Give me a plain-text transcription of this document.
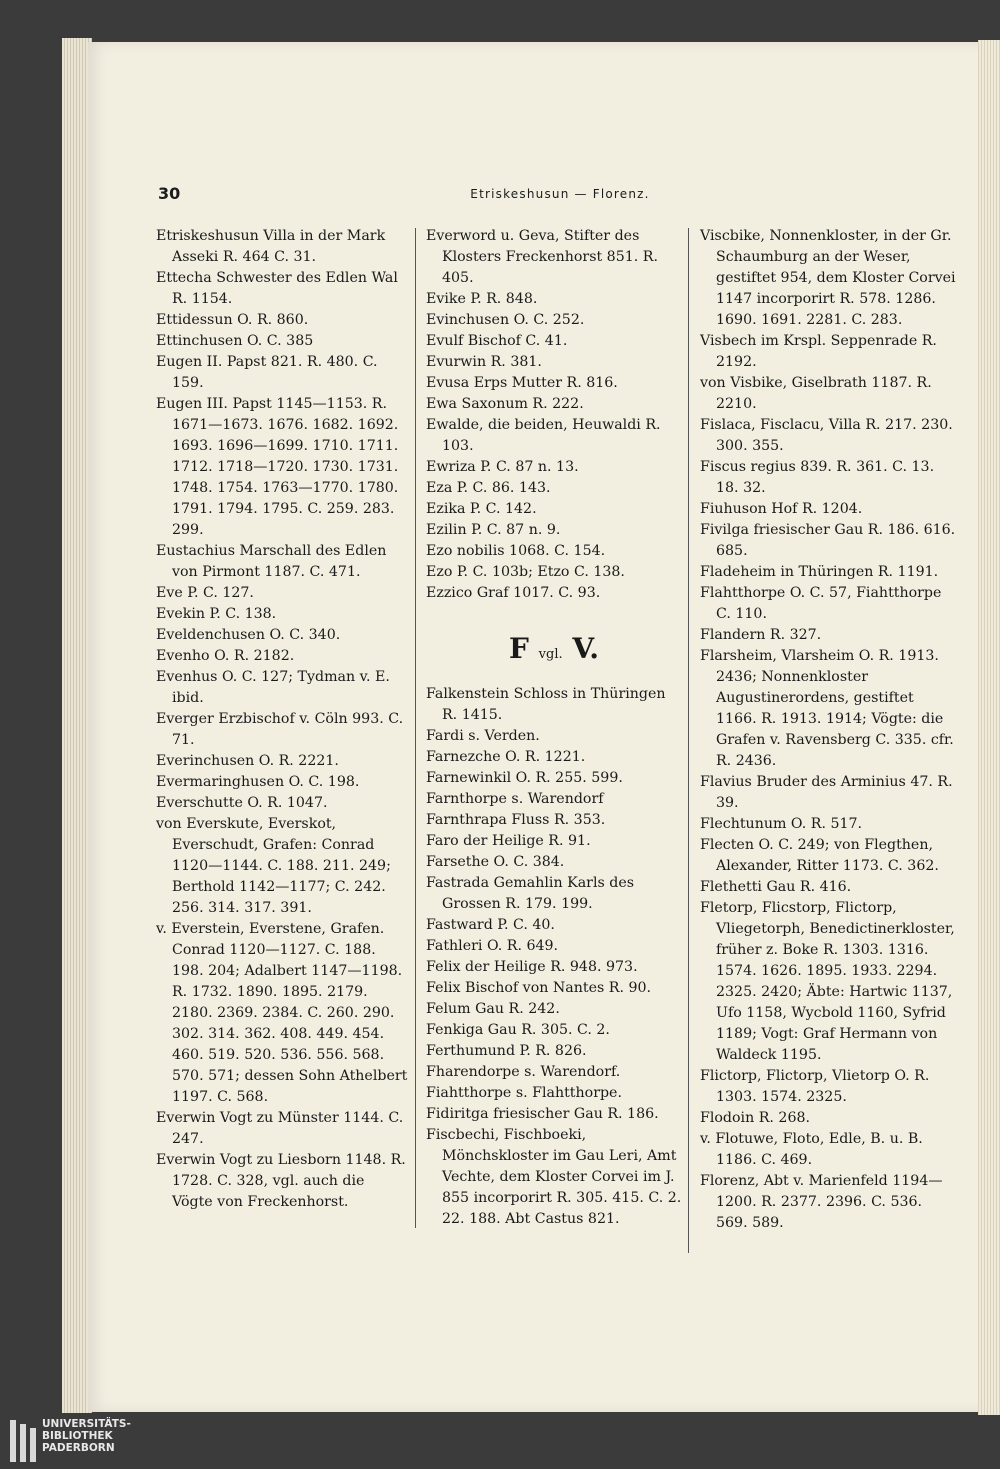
30	Etriskeshusun — Florenz.

Etriskeshusun Villa in der Mark Asseki R. 464 C. 31.

Ettecha Schwester des Edlen Wal R. 1154.

Ettidessun O. R. 860.

Ettinchusen O. C. 385

Eugen II. Papst 821. R. 480. C. 159.

Eugen III. Papst 1145—1153. R. 1671—1673. 1676. 1682. 1692. 1693. 1696—1699. 1710. 1711. 1712. 1718—1720. 1730. 1731. 1748. 1754. 1763—1770. 1780. 1791. 1794. 1795. C. 259. 283. 299.

Eustachius Marschall des Edlen von Pirmont 1187. C. 471.

Eve P. C. 127.

Evekin P. C. 138.

Eveldenchusen O. C. 340.

Evenho O. R. 2182.

Evenhus O. C. 127; Tydman v. E. ibid.

Everger Erzbischof v. Cöln 993. C. 71.

Everinchusen O. R. 2221.

Evermaringhusen O. C. 198.

Everschutte O. R. 1047.

von Everskute, Everskot, Everschudt, Grafen: Conrad 1120—1144. C. 188. 211. 249; Berthold 1142—1177; C. 242. 256. 314. 317. 391.

v. Everstein, Everstene, Grafen. Conrad 1120—1127. C. 188. 198. 204; Adalbert 1147—1198. R. 1732. 1890. 1895. 2179. 2180. 2369. 2384. C. 260. 290. 302. 314. 362. 408. 449. 454. 460. 519. 520. 536. 556. 568. 570. 571; dessen Sohn Athelbert 1197. C. 568.

Everwin Vogt zu Münster 1144. C. 247.

Everwin Vogt zu Liesborn 1148. R. 1728. C. 328, vgl. auch die Vögte von Freckenhorst.

Everword u. Geva, Stifter des Klosters Freckenhorst 851. R. 405.

Evike P. R. 848.

Evinchusen O. C. 252.

Evulf Bischof C. 41.

Evurwin R. 381.

Evusa Erps Mutter R. 816.

Ewa Saxonum R. 222.

Ewalde, die beiden, Heuwaldi R. 103.

Ewriza P. C. 87 n. 13.

Eza P. C. 86. 143.

Ezika P. C. 142.

Ezilin P. C. 87 n. 9.

Ezo nobilis 1068. C. 154.

Ezo P. C. 103b; Etzo C. 138.

Ezzico Graf 1017. C. 93.

F vgl. V.

Falkenstein Schloss in Thüringen R. 1415.

Fardi s. Verden.

Farnezche O. R. 1221.

Farnewinkil O. R. 255. 599.

Farnthorpe s. Warendorf

Farnthrapa Fluss R. 353.

Faro der Heilige R. 91.

Farsethe O. C. 384.

Fastrada Gemahlin Karls des Grossen R. 179. 199.

Fastward P. C. 40.

Fathleri O. R. 649.

Felix der Heilige R. 948. 973.

Felix Bischof von Nantes R. 90.

Felum Gau R. 242.

Fenkiga Gau R. 305. C. 2.

Ferthumund P. R. 826.

Fharendorpe s. Warendorf.

Fiahtthorpe s. Flahtthorpe.

Fidiritga friesischer Gau R. 186.

Fiscbechi, Fischboeki, Mönchskloster im Gau Leri, Amt Vechte, dem Kloster Corvei im J. 855 incorporirt R. 305. 415. C. 2. 22. 188. Abt Castus 821.

Viscbike, Nonnenkloster, in der Gr. Schaumburg an der Weser, gestiftet 954, dem Kloster Corvei 1147 incorporirt R. 578. 1286. 1690. 1691. 2281. C. 283.

Visbech im Krspl. Seppenrade R. 2192.

von Visbike, Giselbrath 1187. R. 2210.

Fislaca, Fisclacu, Villa R. 217. 230. 300. 355.

Fiscus regius 839. R. 361. C. 13. 18. 32.

Fiuhuson Hof R. 1204.

Fivilga friesischer Gau R. 186. 616. 685.

Fladeheim in Thüringen R. 1191.

Flahtthorpe O. C. 57, Fiahtthorpe C. 110.

Flandern R. 327.

Flarsheim, Vlarsheim O. R. 1913. 2436; Nonnenkloster Augustinerordens, gestiftet 1166. R. 1913. 1914; Vögte: die Grafen v. Ravensberg C. 335. cfr. R. 2436.

Flavius Bruder des Arminius 47. R. 39.

Flechtunum O. R. 517.

Flecten O. C. 249; von Flegthen, Alexander, Ritter 1173. C. 362.

Flethetti Gau R. 416.

Fletorp, Flicstorp, Flictorp, Vliegetorph, Benedictinerkloster, früher z. Boke R. 1303. 1316. 1574. 1626. 1895. 1933. 2294. 2325. 2420; Äbte: Hartwic 1137, Ufo 1158, Wycbold 1160, Syfrid 1189; Vogt: Graf Hermann von Waldeck 1195.

Flictorp, Flictorp, Vlietorp O. R. 1303. 1574. 2325.

Flodoin R. 268.

v. Flotuwe, Floto, Edle, B. u. B. 1186. C. 469.

Florenz, Abt v. Marienfeld 1194—1200. R. 2377. 2396. C. 536. 569. 589.

UNIVERSITÄTS-
BIBLIOTHEK
PADERBORN
